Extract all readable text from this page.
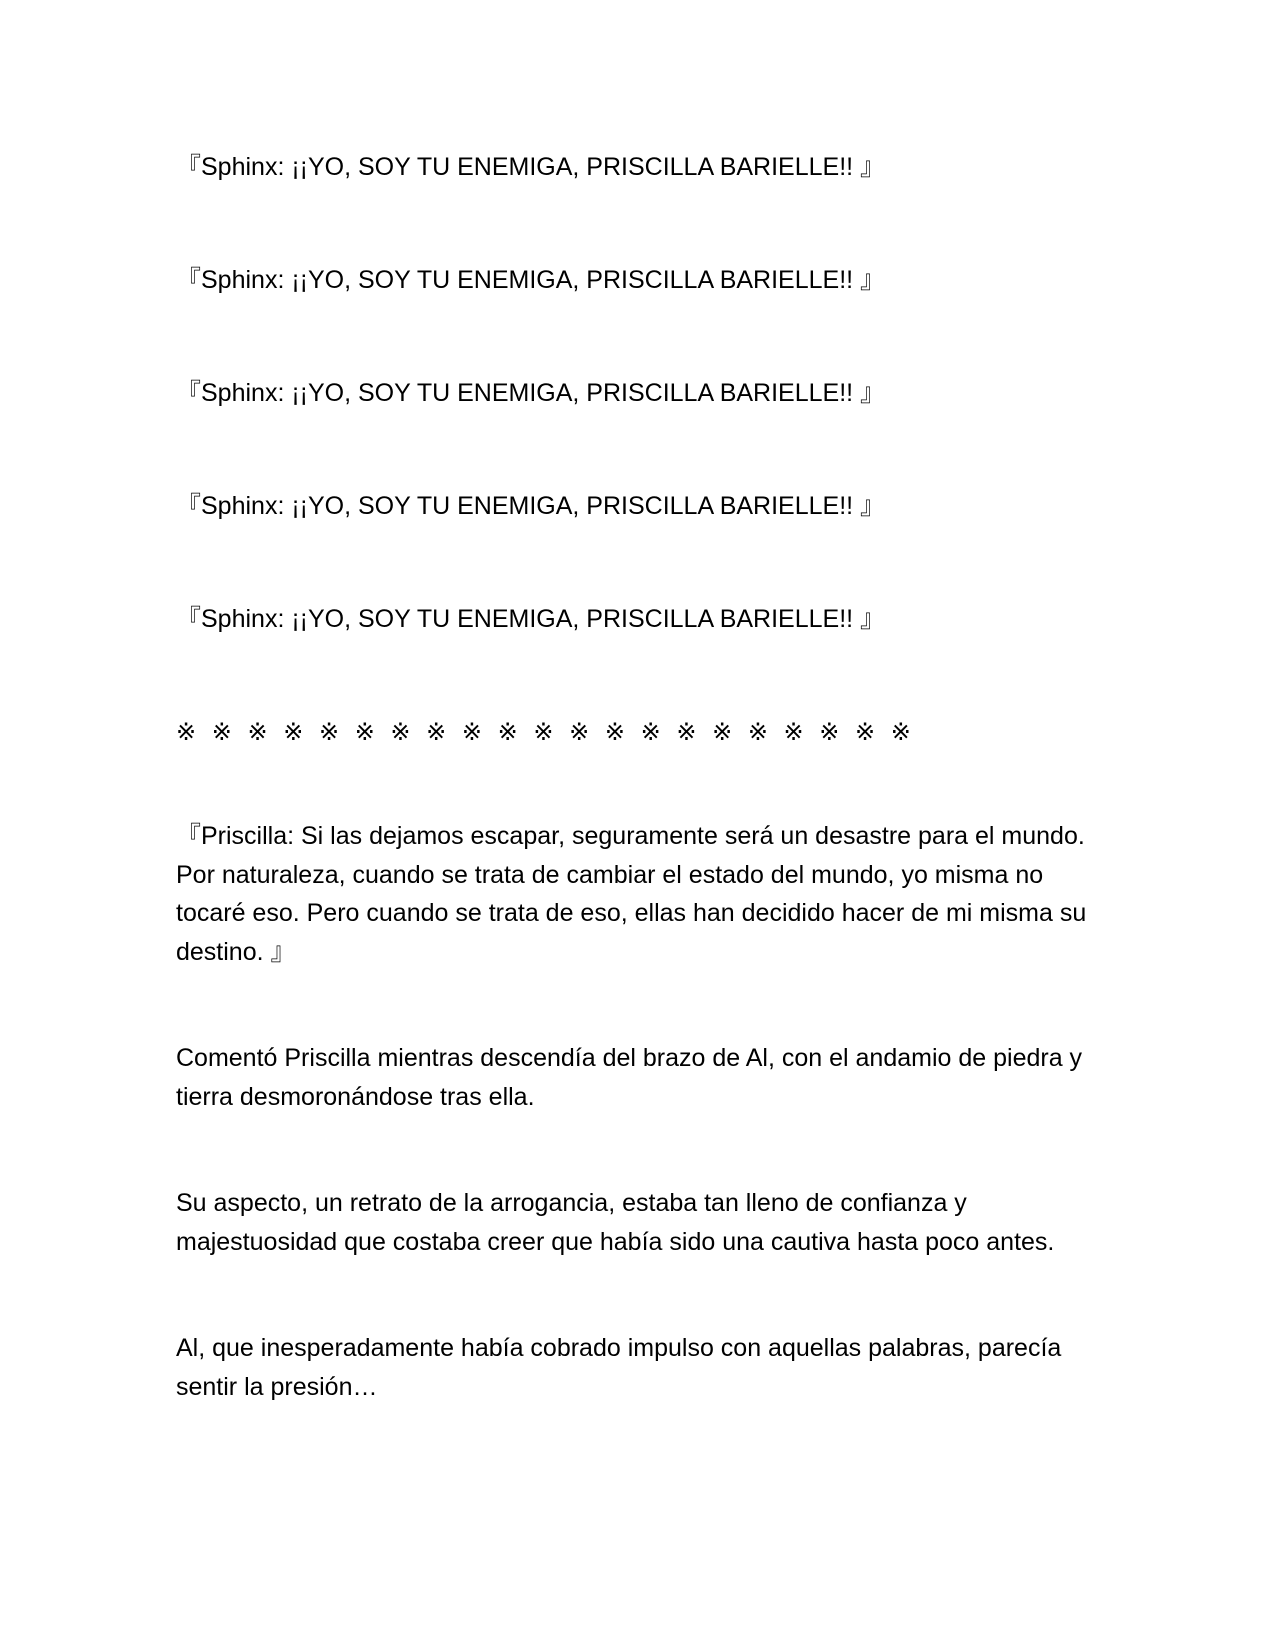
『Sphinx: ¡¡YO, SOY TU ENEMIGA, PRISCILLA BARIELLE!! 』

『Sphinx: ¡¡YO, SOY TU ENEMIGA, PRISCILLA BARIELLE!! 』

『Sphinx: ¡¡YO, SOY TU ENEMIGA, PRISCILLA BARIELLE!! 』

『Sphinx: ¡¡YO, SOY TU ENEMIGA, PRISCILLA BARIELLE!! 』

『Sphinx: ¡¡YO, SOY TU ENEMIGA, PRISCILLA BARIELLE!! 』

※ ※ ※ ※ ※ ※ ※ ※ ※ ※ ※ ※ ※ ※ ※ ※ ※ ※ ※ ※ ※

『Priscilla: Si las dejamos escapar, seguramente será un desastre para el mundo. Por naturaleza, cuando se trata de cambiar el estado del mundo, yo misma no tocaré eso. Pero cuando se trata de eso, ellas han decidido hacer de mi misma su destino. 』

Comentó Priscilla mientras descendía del brazo de Al, con el andamio de piedra y tierra desmoronándose tras ella.

Su aspecto, un retrato de la arrogancia, estaba tan lleno de confianza y majestuosidad que costaba creer que había sido una cautiva hasta poco antes.

Al, que inesperadamente había cobrado impulso con aquellas palabras, parecía sentir la presión…
